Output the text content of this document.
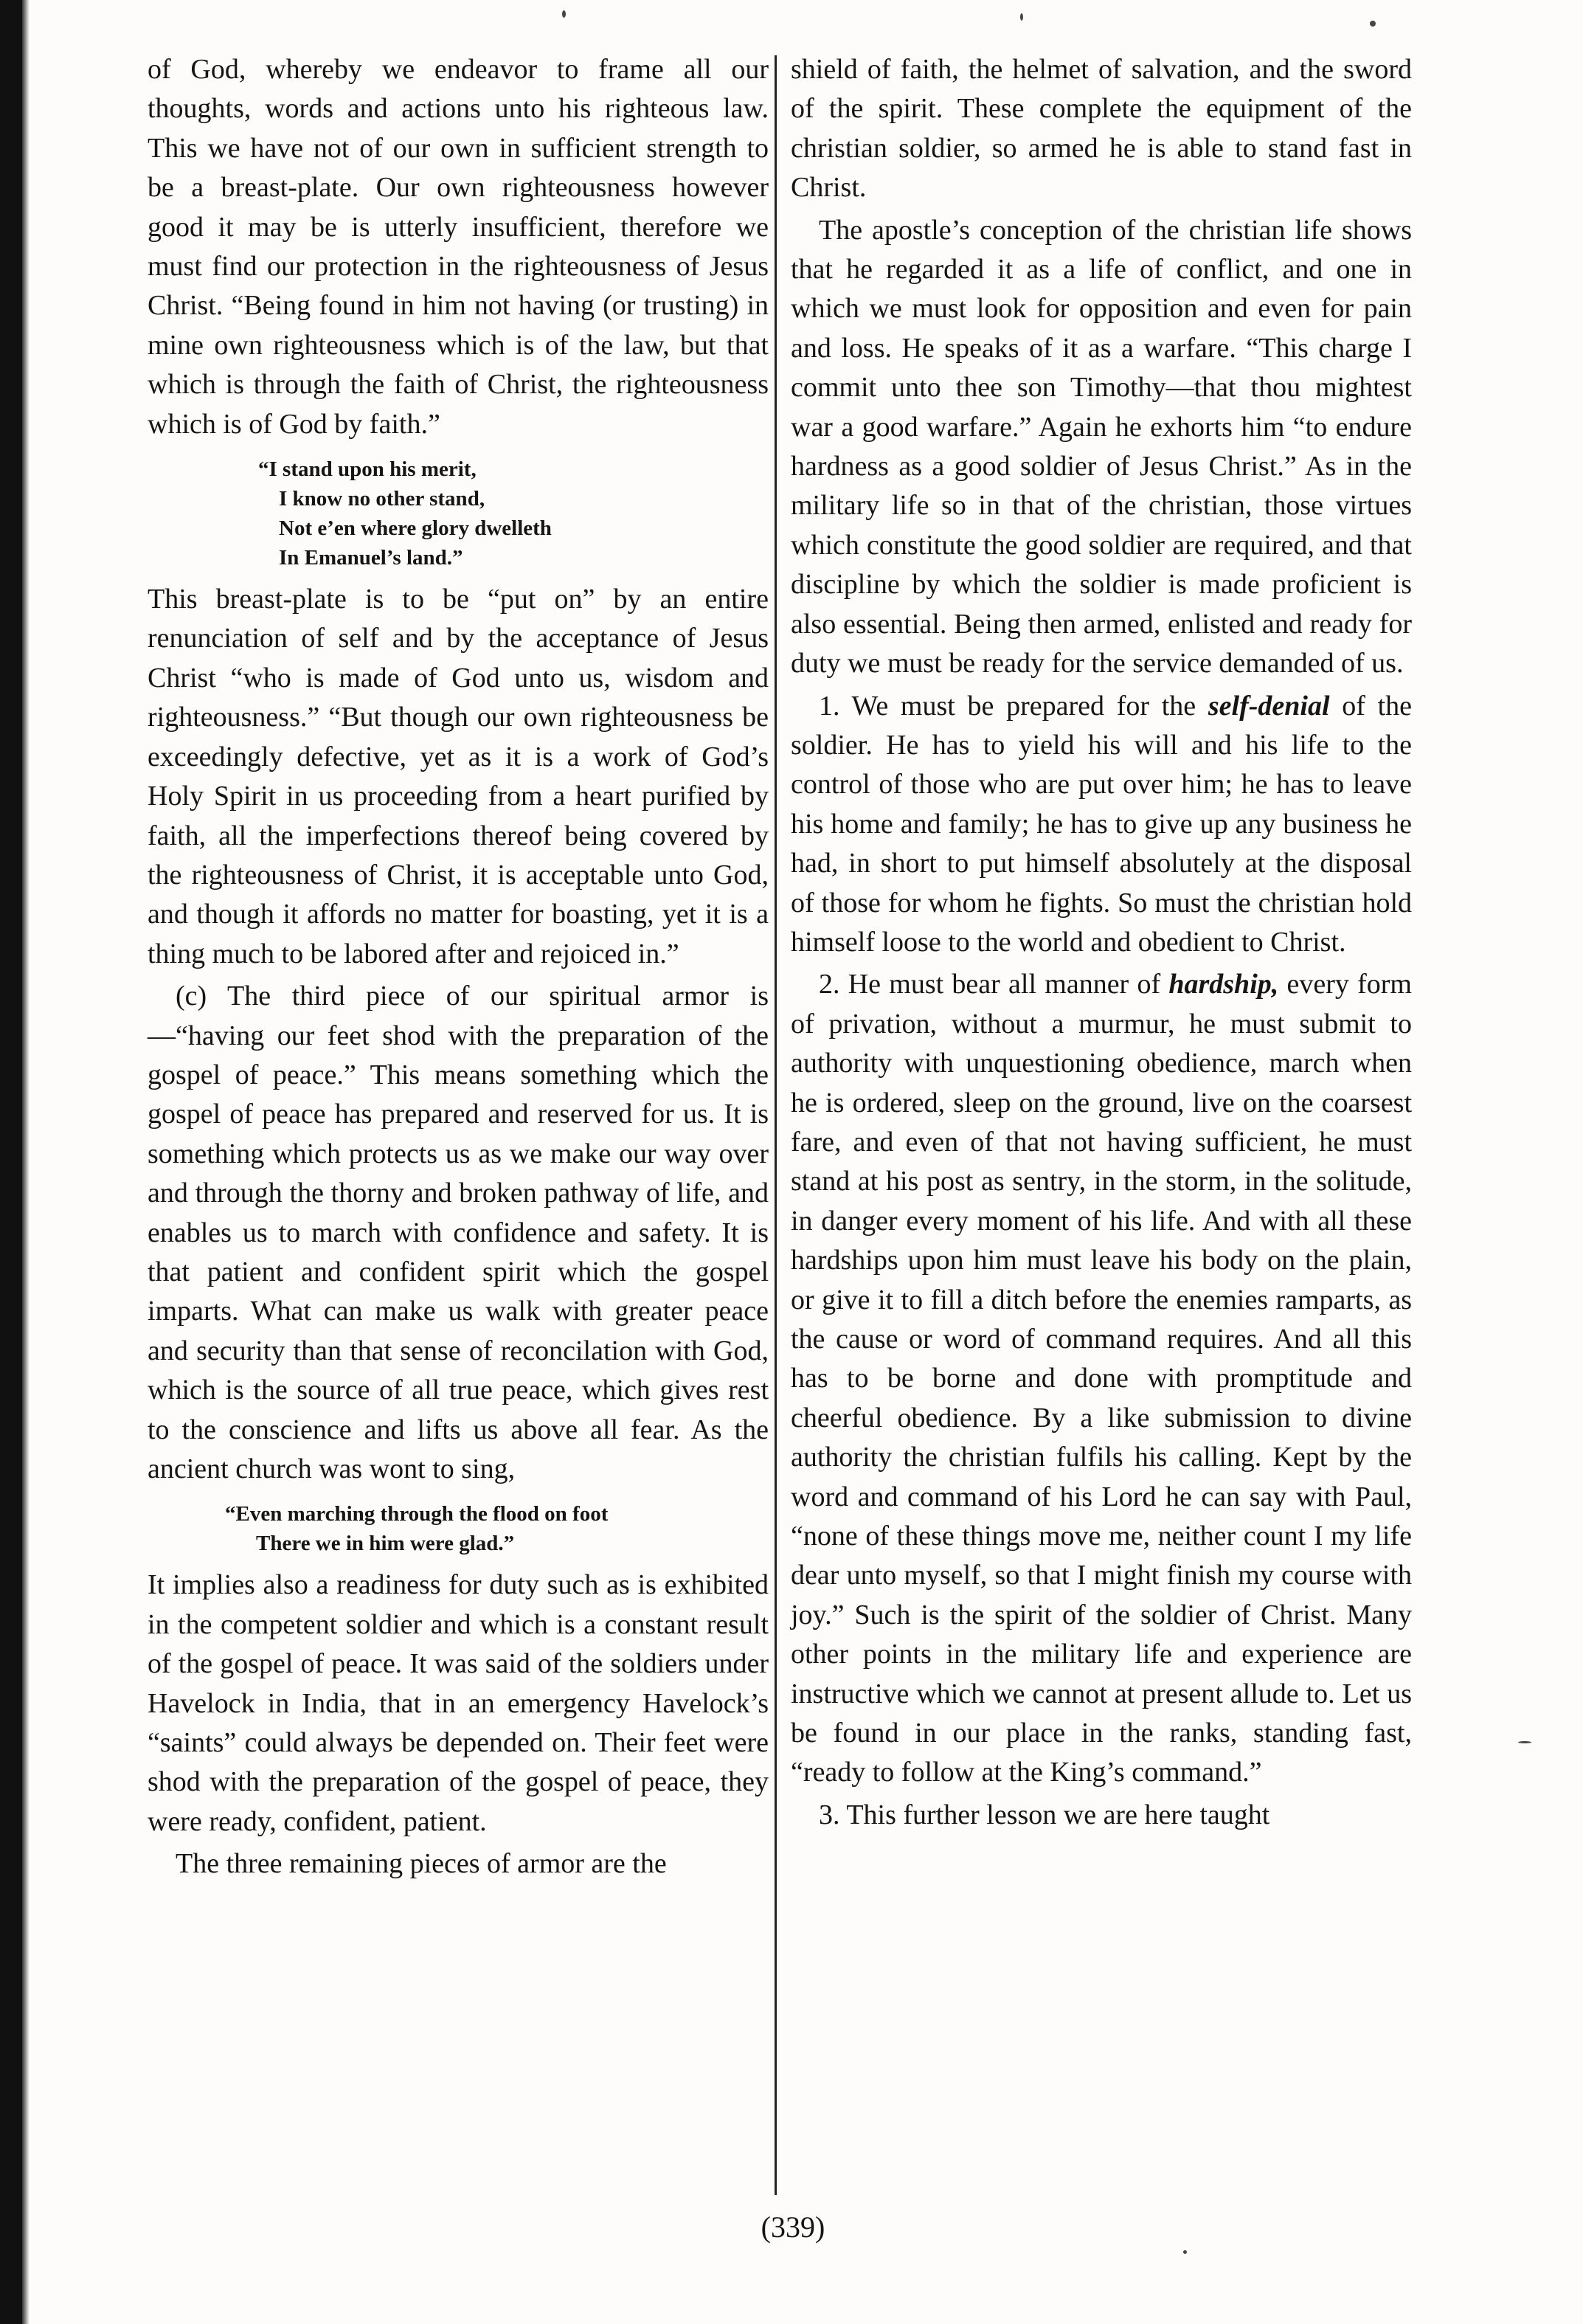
of God, whereby we endeavor to frame all our thoughts, words and actions unto his righteous law. This we have not of our own in sufficient strength to be a breast-plate. Our own righteousness however good it may be is utterly insufficient, therefore we must find our protection in the righteousness of Jesus Christ. “Being found in him not having (or trusting) in mine own righteousness which is of the law, but that which is through the faith of Christ, the righteousness which is of God by faith.”

“I stand upon his merit,
I know no other stand,
Not e’en where glory dwelleth
In Emanuel’s land.”

This breast-plate is to be “put on” by an entire renunciation of self and by the acceptance of Jesus Christ “who is made of God unto us, wisdom and righteousness.” “But though our own righteousness be exceedingly defective, yet as it is a work of God’s Holy Spirit in us proceeding from a heart purified by faith, all the imperfections thereof being covered by the righteousness of Christ, it is acceptable unto God, and though it affords no matter for boasting, yet it is a thing much to be labored after and rejoiced in.”

(c) The third piece of our spiritual armor is —“having our feet shod with the preparation of the gospel of peace.” This means something which the gospel of peace has prepared and reserved for us. It is something which protects us as we make our way over and through the thorny and broken pathway of life, and enables us to march with confidence and safety. It is that patient and confident spirit which the gospel imparts. What can make us walk with greater peace and security than that sense of reconcilation with God, which is the source of all true peace, which gives rest to the conscience and lifts us above all fear. As the ancient church was wont to sing,

“Even marching through the flood on foot
There we in him were glad.”

It implies also a readiness for duty such as is exhibited in the competent soldier and which is a constant result of the gospel of peace. It was said of the soldiers under Havelock in India, that in an emergency Havelock’s “saints” could always be depended on. Their feet were shod with the preparation of the gospel of peace, they were ready, confident, patient.

The three remaining pieces of armor are the

shield of faith, the helmet of salvation, and the sword of the spirit. These complete the equipment of the christian soldier, so armed he is able to stand fast in Christ.

The apostle’s conception of the christian life shows that he regarded it as a life of conflict, and one in which we must look for opposition and even for pain and loss. He speaks of it as a warfare. “This charge I commit unto thee son Timothy—that thou mightest war a good warfare.” Again he exhorts him “to endure hardness as a good soldier of Jesus Christ.” As in the military life so in that of the christian, those virtues which constitute the good soldier are required, and that discipline by which the soldier is made proficient is also essential. Being then armed, enlisted and ready for duty we must be ready for the service demanded of us.

1. We must be prepared for the self-denial of the soldier. He has to yield his will and his life to the control of those who are put over him; he has to leave his home and family; he has to give up any business he had, in short to put himself absolutely at the disposal of those for whom he fights. So must the christian hold himself loose to the world and obedient to Christ.

2. He must bear all manner of hardship, every form of privation, without a murmur, he must submit to authority with unquestioning obedience, march when he is ordered, sleep on the ground, live on the coarsest fare, and even of that not having sufficient, he must stand at his post as sentry, in the storm, in the solitude, in danger every moment of his life. And with all these hardships upon him must leave his body on the plain, or give it to fill a ditch before the enemies ramparts, as the cause or word of command requires. And all this has to be borne and done with promptitude and cheerful obedience. By a like submission to divine authority the christian fulfils his calling. Kept by the word and command of his Lord he can say with Paul, “none of these things move me, neither count I my life dear unto myself, so that I might finish my course with joy.” Such is the spirit of the soldier of Christ. Many other points in the military life and experience are instructive which we cannot at present allude to. Let us be found in our place in the ranks, standing fast, “ready to follow at the King’s command.”

3. This further lesson we are here taught

(339)
